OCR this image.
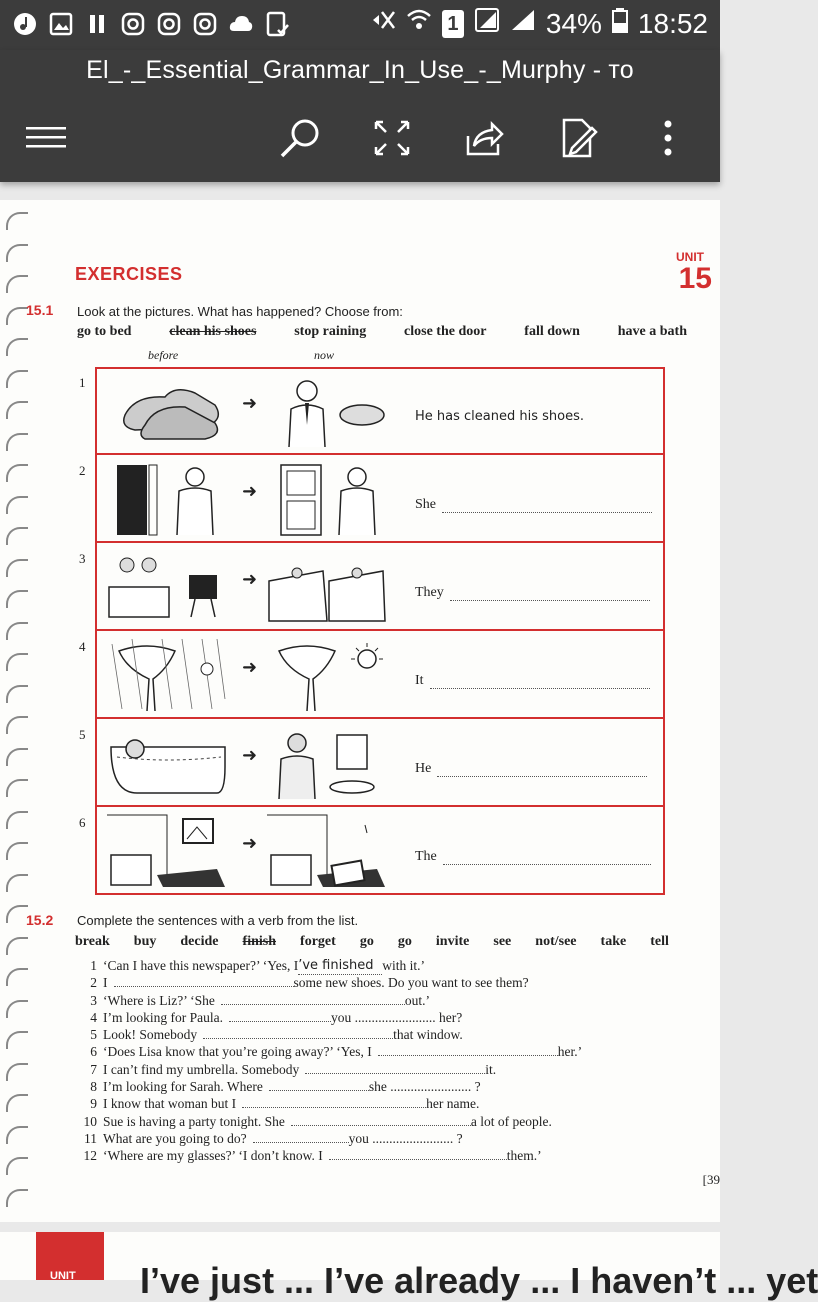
1	34% 18:52
El_-_Essential_Grammar_In_Use_-_Murphy - то
UNIT
15
EXERCISES
15.1 Look at the pictures. What has happened? Choose from:
go to bed	clean his shoes	stop raining	close the door	fall down	have a bath
before	now
1
➜
He has cleaned his shoes.
2
➜
She
3
➜
They
4
➜
It
5
➜
He
6
➜
The
15.2 Complete the sentences with a verb from the list.
break buy decide finish forget go go invite see not/see take tell
1 ‘Can I have this newspaper?’ ‘Yes, I ’ve finished with it.’
2 I	some new shoes. Do you want to see them?
3 ‘Where is Liz?’ ‘She	out.’
4 I’m looking for Paula.	you ........................ her?
5 Look! Somebody	that window.
6 ‘Does Lisa know that you’re going away?’ ‘Yes, I	her.’
7 I can’t find my umbrella. Somebody	it.
8 I’m looking for Sarah. Where	she ........................ ?
9 I know that woman but I	her name.
10 Sue is having a party tonight. She	a lot of people.
11 What are you going to do?	you ........................ ?
12 ‘Where are my glasses?’ ‘I don’t know. I	them.’
[39
UNIT I’ve just ... I’ve already ... I haven’t ... yet
